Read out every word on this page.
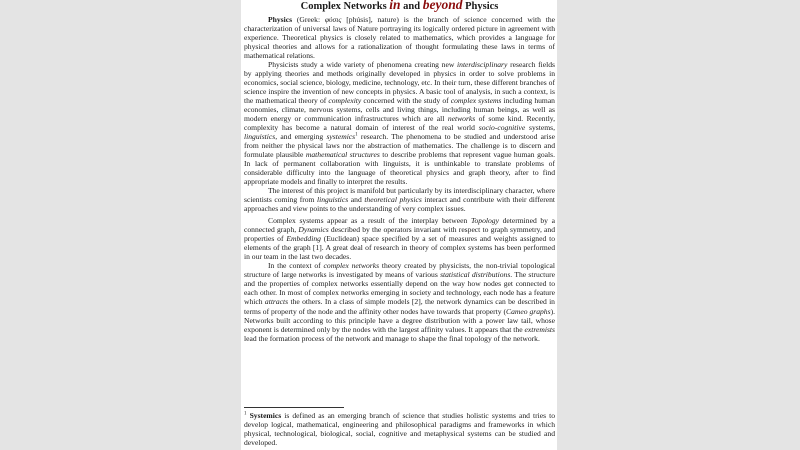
Complex Networks in and beyond Physics

Physics (Greek: φύσις [phúsis], nature) is the branch of science concerned with the characterization of universal laws of Nature portraying its logically ordered picture in agreement with experience. Theoretical physics is closely related to mathematics, which provides a language for physical theories and allows for a rationalization of thought formulating these laws in terms of mathematical relations.

Physicists study a wide variety of phenomena creating new interdisciplinary research fields by applying theories and methods originally developed in physics in order to solve problems in economics, social science, biology, medicine, technology, etc. In their turn, these different branches of science inspire the invention of new concepts in physics. A basic tool of analysis, in such a context, is the mathematical theory of complexity concerned with the study of complex systems including human economies, climate, nervous systems, cells and living things, including human beings, as well as modern energy or communication infrastructures which are all networks of some kind. Recently, complexity has become a natural domain of interest of the real world socio-cognitive systems, linguistics, and emerging systemics$^1$ research. The phenomena to be studied and understood arise from neither the physical laws nor the abstraction of mathematics. The challenge is to discern and formulate plausible mathematical structures to describe problems that represent vague human goals. In lack of permanent collaboration with linguists, it is unthinkable to translate problems of considerable difficulty into the language of theoretical physics and graph theory, after to find appropriate models and finally to interpret the results.

The interest of this project is manifold but particularly by its interdisciplinary character, where scientists coming from linguistics and theoretical physics interact and contribute with their different approaches and view points to the understanding of very complex issues.

Complex systems appear as a result of the interplay between Topology determined by a connected graph, Dynamics described by the operators invariant with respect to graph symmetry, and properties of Embedding (Euclidean) space specified by a set of measures and weights assigned to elements of the graph [1]. A great deal of research in theory of complex systems has been performed in our team in the last two decades.

In the context of complex networks theory created by physicists, the non-trivial topological structure of large networks is investigated by means of various statistical distributions. The structure and the properties of complex networks essentially depend on the way how nodes get connected to each other. In most of complex networks emerging in society and technology, each node has a feature which attracts the others. In a class of simple models [2], the network dynamics can be described in terms of property of the node and the affinity other nodes have towards that property (Cameo graphs). Networks built according to this principle have a degree distribution with a power law tail, whose exponent is determined only by the nodes with the largest affinity values. It appears that the extremists lead the formation process of the network and manage to shape the final topology of the network.

$^1$ Systemics is defined as an emerging branch of science that studies holistic systems and tries to develop logical, mathematical, engineering and philosophical paradigms and frameworks in which physical, technological, biological, social, cognitive and metaphysical systems can be studied and developed.
